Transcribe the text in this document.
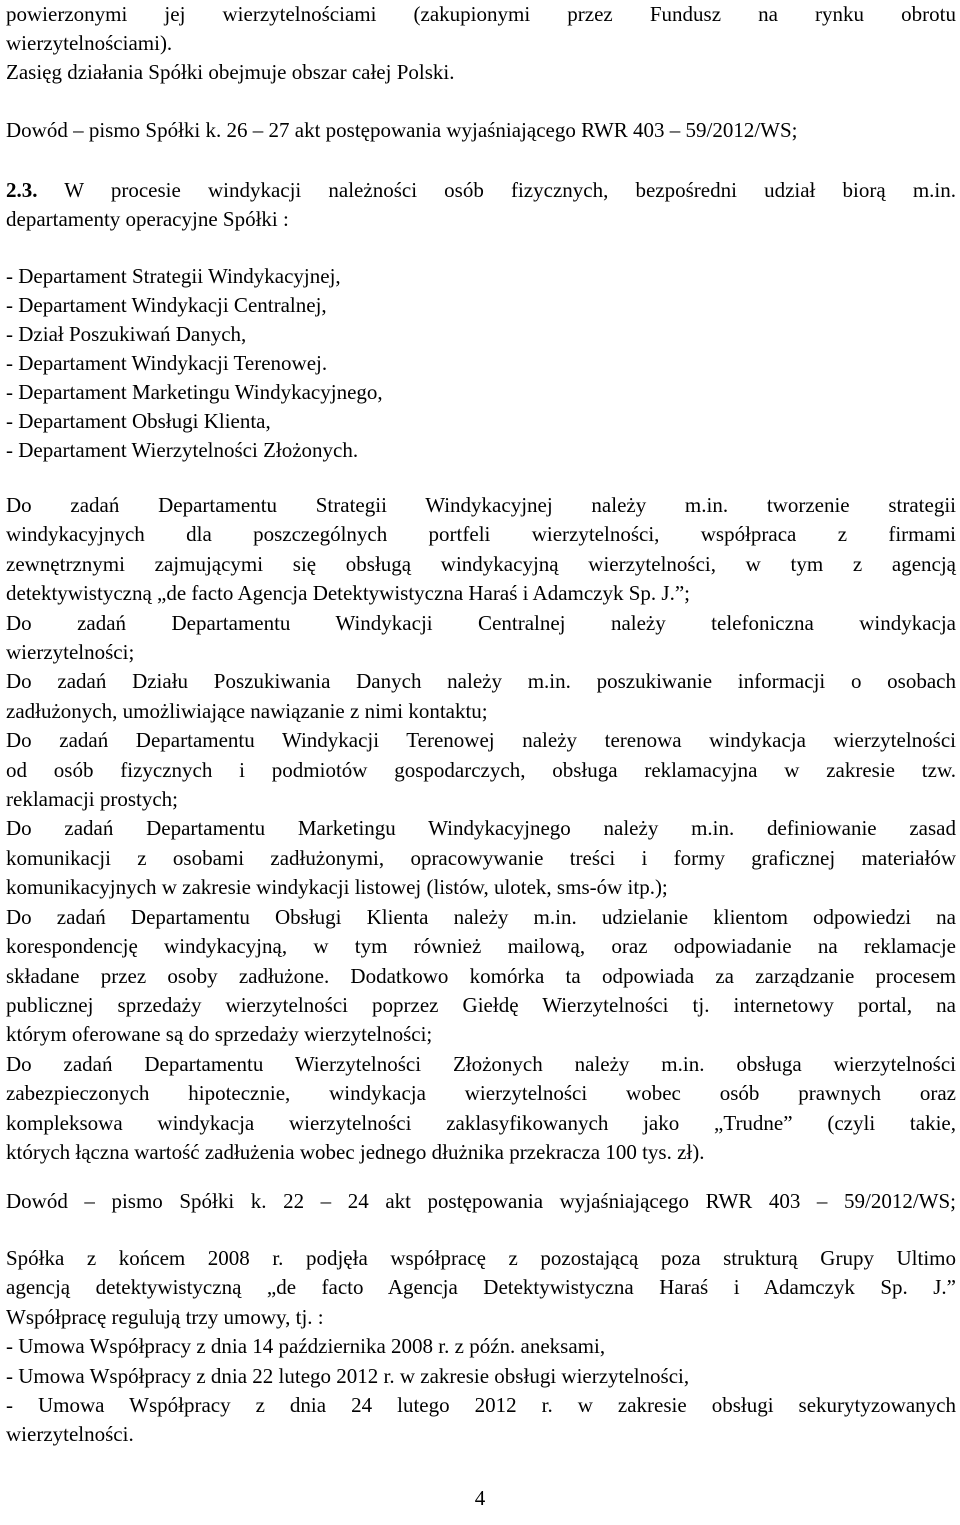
powierzonymi jej wierzytelnościami (zakupionymi przez Fundusz na rynku obrotu
wierzytelnościami).
Zasięg działania Spółki obejmuje obszar całej Polski.

Dowód – pismo Spółki k. 26 – 27 akt postępowania wyjaśniającego RWR 403 – 59/2012/WS;
2.3. W procesie windykacji należności osób fizycznych, bezpośredni udział biorą m.in.
departamenty operacyjne Spółki :
- Departament Strategii Windykacyjnej,
- Departament Windykacji Centralnej,
- Dział Poszukiwań Danych,
- Departament Windykacji Terenowej.
- Departament Marketingu Windykacyjnego,
- Departament Obsługi Klienta,
- Departament Wierzytelności Złożonych.
Do zadań Departamentu Strategii Windykacyjnej należy m.in. tworzenie strategii
windykacyjnych dla poszczególnych portfeli wierzytelności, współpraca z firmami
zewnętrznymi zajmującymi się obsługą windykacyjną wierzytelności, w tym z agencją
detektywistyczną „de facto Agencja Detektywistyczna Haraś i Adamczyk Sp. J.”;
Do zadań Departamentu Windykacji Centralnej należy telefoniczna windykacja
wierzytelności;
Do zadań Działu Poszukiwania Danych należy m.in. poszukiwanie informacji o osobach
zadłużonych, umożliwiające nawiązanie z nimi kontaktu;
Do zadań Departamentu Windykacji Terenowej należy terenowa windykacja wierzytelności
od osób fizycznych i podmiotów gospodarczych, obsługa reklamacyjna w zakresie tzw.
reklamacji prostych;
Do zadań Departamentu Marketingu Windykacyjnego należy m.in. definiowanie zasad
komunikacji z osobami zadłużonymi, opracowywanie treści i formy graficznej materiałów
komunikacyjnych w zakresie windykacji listowej (listów, ulotek, sms-ów itp.);
Do zadań Departamentu Obsługi Klienta należy m.in. udzielanie klientom odpowiedzi na
korespondencję windykacyjną, w tym również mailową, oraz odpowiadanie na reklamacje
składane przez osoby zadłużone. Dodatkowo komórka ta odpowiada za zarządzanie procesem
publicznej sprzedaży wierzytelności poprzez Giełdę Wierzytelności tj. internetowy portal, na
którym oferowane są do sprzedaży wierzytelności;
Do zadań Departamentu Wierzytelności Złożonych należy m.in. obsługa wierzytelności
zabezpieczonych hipotecznie, windykacja wierzytelności wobec osób prawnych oraz
kompleksowa windykacja wierzytelności zaklasyfikowanych jako „Trudne” (czyli takie,
których łączna wartość zadłużenia wobec jednego dłużnika przekracza 100 tys. zł).
Dowód – pismo Spółki k. 22 – 24 akt postępowania wyjaśniającego RWR 403 – 59/2012/WS;
Spółka z końcem 2008 r. podjęła współpracę z pozostającą poza strukturą Grupy Ultimo
agencją detektywistyczną „de facto Agencja Detektywistyczna Haraś i Adamczyk Sp. J.”
Współpracę regulują trzy umowy, tj. :
- Umowa Współpracy z dnia 14 października 2008 r. z późn. aneksami,
- Umowa Współpracy z dnia 22 lutego 2012 r. w zakresie obsługi wierzytelności,
- Umowa Współpracy z dnia 24 lutego 2012 r. w zakresie obsługi sekurytyzowanych
wierzytelności.
4
